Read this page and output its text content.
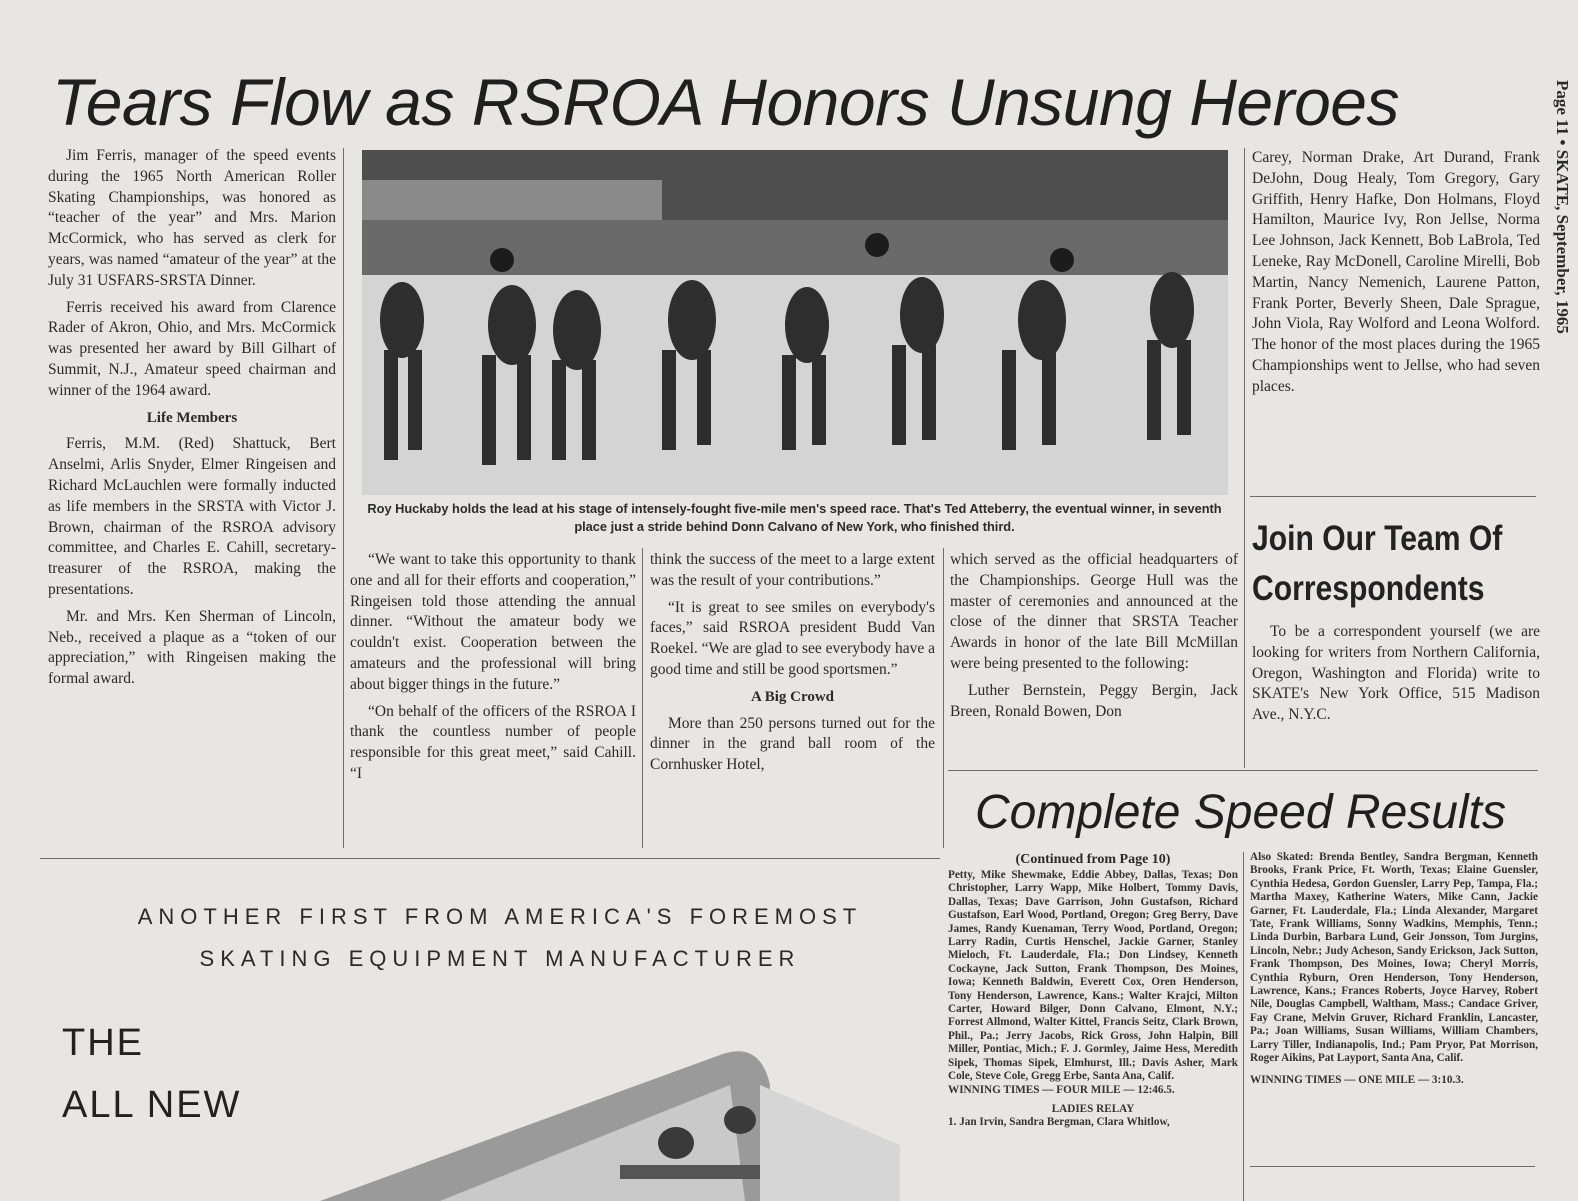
Tears Flow as RSROA Honors Unsung Heroes	Page 11 • SKATE, September, 1965

Jim Ferris, manager of the speed events during the 1965 North American Roller Skating Championships, was honored as “teacher of the year” and Mrs. Marion McCormick, who has served as clerk for years, was named “amateur of the year” at the July 31 USFARS-SRSTA Dinner.

Ferris received his award from Clarence Rader of Akron, Ohio, and Mrs. McCormick was presented her award by Bill Gilhart of Summit, N.J., Amateur speed chairman and winner of the 1964 award.

Life Members

Ferris, M.M. (Red) Shattuck, Bert Anselmi, Arlis Snyder, Elmer Ringeisen and Richard McLauchlen were formally inducted as life members in the SRSTA with Victor J. Brown, chairman of the RSROA advisory committee, and Charles E. Cahill, secretary-treasurer of the RSROA, making the presentations.

Mr. and Mrs. Ken Sherman of Lincoln, Neb., received a plaque as a “token of our appreciation,” with Ringeisen making the formal award.

Roy Huckaby holds the lead at his stage of intensely-fought five-mile men's speed race. That's Ted Atteberry, the eventual winner, in seventh place just a stride behind Donn Calvano of New York, who finished third.

“We want to take this opportunity to thank one and all for their efforts and cooperation,” Ringeisen told those attending the annual dinner. “Without the amateur body we couldn't exist. Cooperation between the amateurs and the professional will bring about bigger things in the future.”

“On behalf of the officers of the RSROA I thank the countless number of people responsible for this great meet,” said Cahill. “I

think the success of the meet to a large extent was the result of your contributions.”

“It is great to see smiles on everybody's faces,” said RSROA president Budd Van Roekel. “We are glad to see everybody have a good time and still be good sportsmen.”

A Big Crowd

More than 250 persons turned out for the dinner in the grand ball room of the Cornhusker Hotel,

which served as the official headquarters of the Championships. George Hull was the master of ceremonies and announced at the close of the dinner that SRSTA Teacher Awards in honor of the late Bill McMillan were being presented to the following:

Luther Bernstein, Peggy Bergin, Jack Breen, Ronald Bowen, Don

Carey, Norman Drake, Art Durand, Frank DeJohn, Doug Healy, Tom Gregory, Gary Griffith, Henry Hafke, Don Holmans, Floyd Hamilton, Maurice Ivy, Ron Jellse, Norma Lee Johnson, Jack Kennett, Bob LaBrola, Ted Leneke, Ray McDonell, Caroline Mirelli, Bob Martin, Nancy Nemenich, Laurene Patton, Frank Porter, Beverly Sheen, Dale Sprague, John Viola, Ray Wolford and Leona Wolford. The honor of the most places during the 1965 Championships went to Jellse, who had seven places.

Join Our Team Of Correspondents

To be a correspondent yourself (we are looking for writers from Northern California, Oregon, Washington and Florida) write to SKATE's New York Office, 515 Madison Ave., N.Y.C.

Complete Speed Results
(Continued from Page 10)
Petty, Mike Shewmake, Eddie Abbey, Dallas, Texas; Don Christopher, Larry Wapp, Mike Holbert, Tommy Davis, Dallas, Texas; Dave Garrison, John Gustafson, Richard Gustafson, Earl Wood, Portland, Oregon; Greg Berry, Dave James, Randy Kuenaman, Terry Wood, Portland, Oregon; Larry Radin, Curtis Henschel, Jackie Garner, Stanley Mieloch, Ft. Lauderdale, Fla.; Don Lindsey, Kenneth Cockayne, Jack Sutton, Frank Thompson, Des Moines, Iowa; Kenneth Baldwin, Everett Cox, Oren Henderson, Tony Henderson, Lawrence, Kans.; Walter Krajci, Milton Carter, Howard Bilger, Donn Calvano, Elmont, N.Y.; Forrest Allmond, Walter Kittel, Francis Seitz, Clark Brown, Phil., Pa.; Jerry Jacobs, Rick Gross, John Halpin, Bill Miller, Pontiac, Mich.; F. J. Gormley, Jaime Hess, Meredith Sipek, Thomas Sipek, Elmhurst, Ill.; Davis Asher, Mark Cole, Steve Cole, Gregg Erbe, Santa Ana, Calif.
WINNING TIMES — FOUR MILE — 12:46.5.
LADIES RELAY
1. Jan Irvin, Sandra Bergman, Clara Whitlow,
Also Skated: Brenda Bentley, Sandra Bergman, Kenneth Brooks, Frank Price, Ft. Worth, Texas; Elaine Guensler, Cynthia Hedesa, Gordon Guensler, Larry Pep, Tampa, Fla.; Martha Maxey, Katherine Waters, Mike Cann, Jackie Garner, Ft. Lauderdale, Fla.; Linda Alexander, Margaret Tate, Frank Williams, Sonny Wadkins, Memphis, Tenn.; Linda Durbin, Barbara Lund, Geir Jonsson, Tom Jurgins, Lincoln, Nebr.; Judy Acheson, Sandy Erickson, Jack Sutton, Frank Thompson, Des Moines, Iowa; Cheryl Morris, Cynthia Ryburn, Oren Henderson, Tony Henderson, Lawrence, Kans.; Frances Roberts, Joyce Harvey, Robert Nile, Douglas Campbell, Waltham, Mass.; Candace Griver, Fay Crane, Melvin Gruver, Richard Franklin, Lancaster, Pa.; Joan Williams, Susan Williams, William Chambers, Larry Tiller, Indianapolis, Ind.; Pam Pryor, Pat Morrison, Roger Aikins, Pat Layport, Santa Ana, Calif.
WINNING TIMES — ONE MILE — 3:10.3.
ANOTHER FIRST FROM AMERICA'S FOREMOST
SKATING EQUIPMENT MANUFACTURER
THE
ALL NEW
